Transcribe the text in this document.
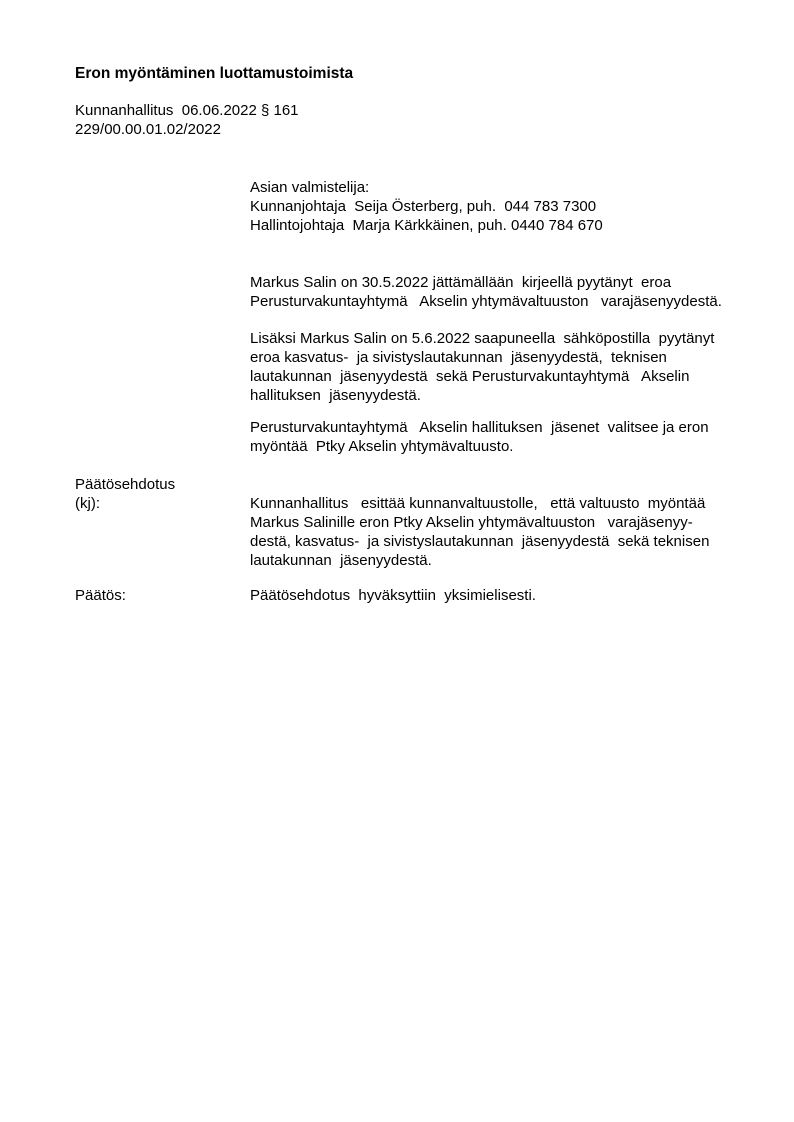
Eron myöntäminen luottamustoimista
Kunnanhallitus  06.06.2022 § 161
229/00.00.01.02/2022
Asian valmistelija:
Kunnanjohtaja  Seija Österberg, puh.  044 783 7300
Hallintojohtaja  Marja Kärkkäinen, puh. 0440 784 670
Markus Salin on 30.5.2022 jättämällään  kirjeellä pyytänyt  eroa
Perusturvakuntayhtymä   Akselin yhtymävaltuuston   varajäsenyydestä.
Lisäksi Markus Salin on 5.6.2022 saapuneella  sähköpostilla  pyytänyt
eroa kasvatus-  ja sivistyslautakunnan  jäsenyydestä,  teknisen
lautakunnan  jäsenyydestä  sekä Perusturvakuntayhtymä   Akselin
hallituksen  jäsenyydestä.
Perusturvakuntayhtymä   Akselin hallituksen  jäsenet  valitsee ja eron
myöntää  Ptky Akselin yhtymävaltuusto.
Päätösehdotus
(kj):	Kunnanhallitus   esittää kunnanvaltuustolle,   että valtuusto  myöntää
Markus Salinille eron Ptky Akselin yhtymävaltuuston   varajäsenyy-
destä, kasvatus-  ja sivistyslautakunnan  jäsenyydestä  sekä teknisen
lautakunnan  jäsenyydestä.
Päätös:	Päätösehdotus  hyväksyttiin  yksimielisesti.
